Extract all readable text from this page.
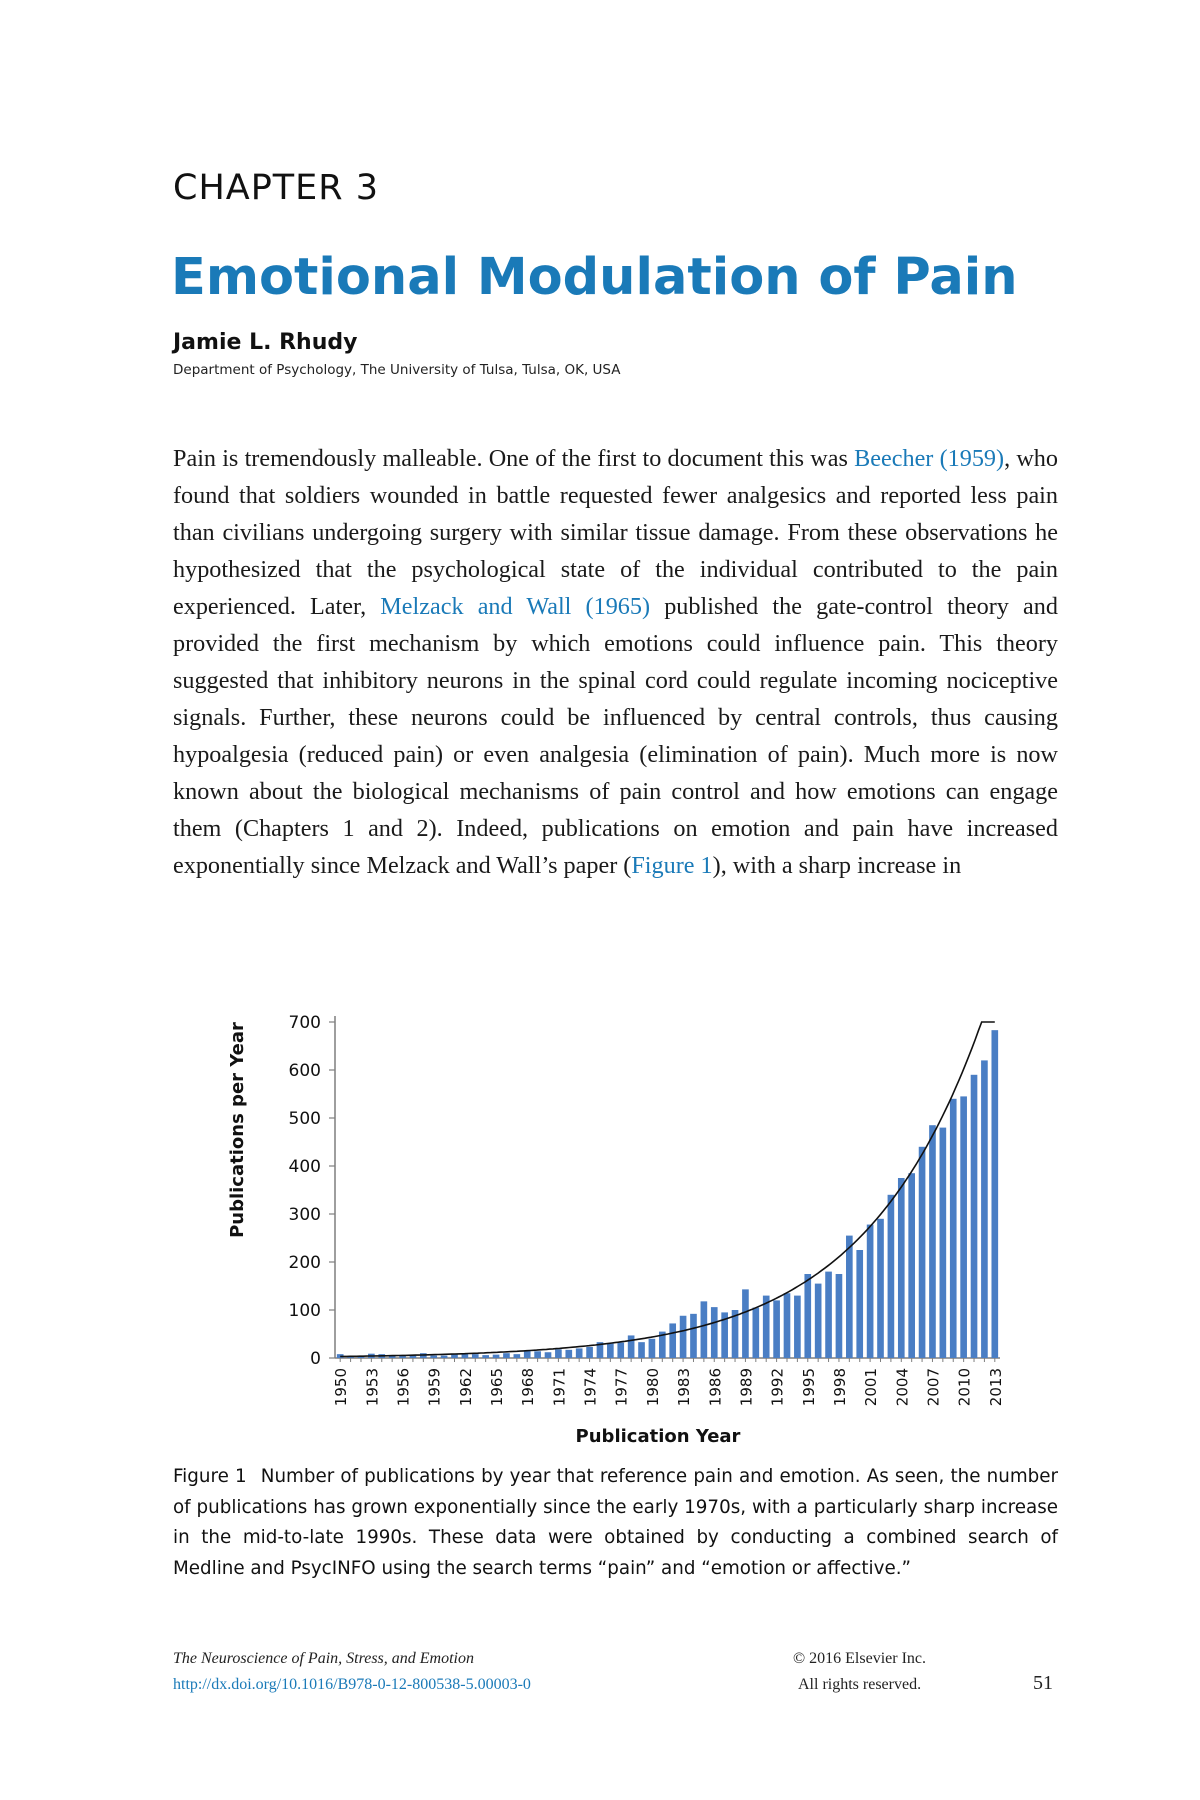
CHAPTER 3
Emotional Modulation of Pain
Jamie L. Rhudy
Department of Psychology, The University of Tulsa, Tulsa, OK, USA
Pain is tremendously malleable. One of the first to document this was Beecher (1959), who found that soldiers wounded in battle requested fewer analgesics and reported less pain than civilians undergoing surgery with similar tissue damage. From these observations he hypothesized that the psychological state of the individual contributed to the pain experienced. Later, Melzack and Wall (1965) published the gate-control theory and provided the first mechanism by which emotions could influence pain. This theory suggested that inhibitory neurons in the spinal cord could regulate incoming nociceptive signals. Further, these neurons could be influenced by central controls, thus causing hypoalgesia (reduced pain) or even analgesia (elimination of pain). Much more is now known about the biological mechanisms of pain control and how emotions can engage them (Chapters 1 and 2). Indeed, publications on emotion and pain have increased exponentially since Melzack and Wall’s paper (Figure 1), with a sharp increase in
0
100
200
300
400
500
600
700
1950 1953 1956 1959 1962 1965 1968 1971 1974 1977 1980 1983 1986 1989 1992 1995 1998 2001 2004 2007 2010 2013
Publications per Year
Publication Year
Figure 1 Number of publications by year that reference pain and emotion. As seen, the number of publications has grown exponentially since the early 1970s, with a particularly sharp increase in the mid-to-late 1990s. These data were obtained by conducting a combined search of Medline and PsycINFO using the search terms “pain” and “emotion or affective.”
The Neuroscience of Pain, Stress, and Emotion
http://dx.doi.org/10.1016/B978-0-12-800538-5.00003-0
© 2016 Elsevier Inc.
All rights reserved.	51
